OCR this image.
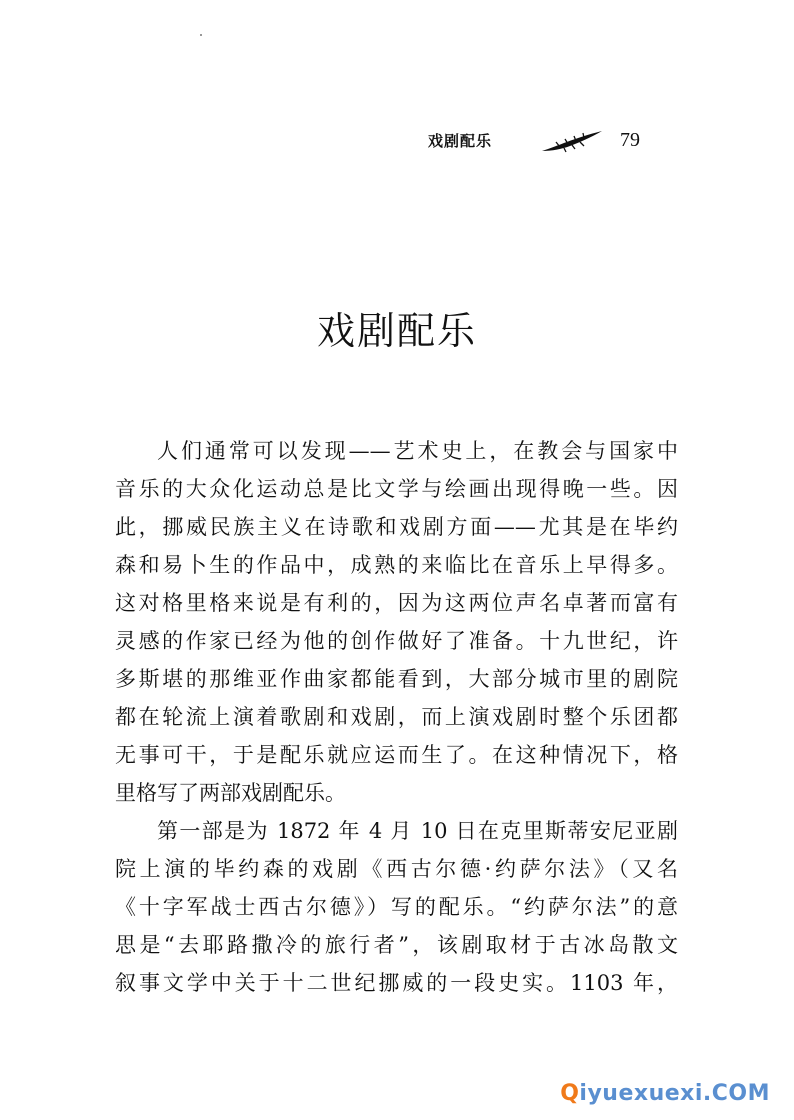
戏剧配乐	79
戏剧配乐
人们通常可以发现——艺术史上，在教会与国家中
音乐的大众化运动总是比文学与绘画出现得晚一些。因
此，挪威民族主义在诗歌和戏剧方面——尤其是在毕约
森和易卜生的作品中，成熟的来临比在音乐上早得多。
这对格里格来说是有利的，因为这两位声名卓著而富有
灵感的作家已经为他的创作做好了准备。十九世纪，许
多斯堪的那维亚作曲家都能看到，大部分城市里的剧院
都在轮流上演着歌剧和戏剧，而上演戏剧时整个乐团都
无事可干，于是配乐就应运而生了。在这种情况下，格
里格写了两部戏剧配乐。
第一部是为 1872 年 4 月 10 日在克里斯蒂安尼亚剧
院上演的毕约森的戏剧《西古尔德·约萨尔法》（又名
《十字军战士西古尔德》）写的配乐。“约萨尔法”的意
思是“去耶路撒冷的旅行者”，该剧取材于古冰岛散文
叙事文学中关于十二世纪挪威的一段史实。1103 年，
Qiyuexuexi.COM
